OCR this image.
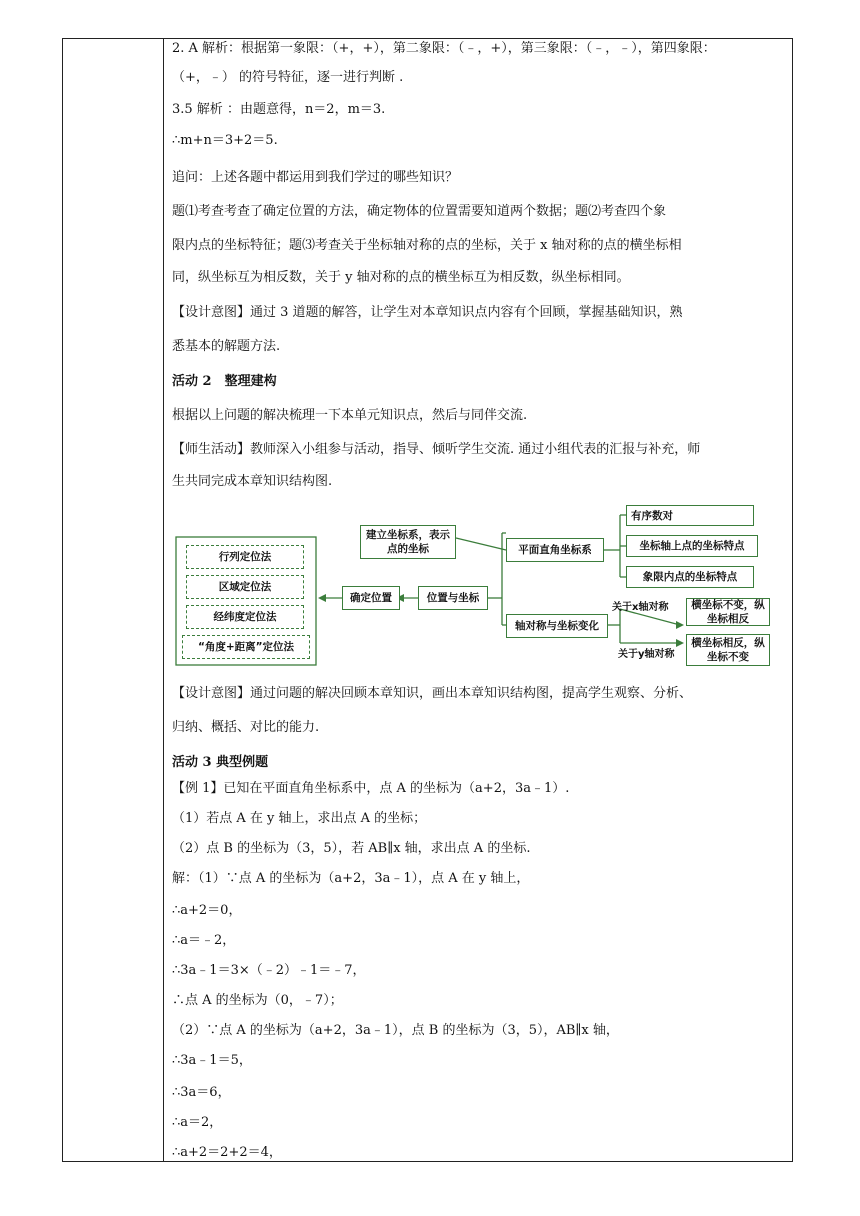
2. A 解析：根据第一象限：（+，+），第二象限：（﹣，+），第三象限：（﹣，﹣），第四象限：
（+，﹣） 的符号特征，逐一进行判断 .
3.5 解析 ：由题意得，n＝2，m＝3.
∴m+n＝3+2＝5.
追问：上述各题中都运用到我们学过的哪些知识？
题⑴考查考查了确定位置的方法，确定物体的位置需要知道两个数据；题⑵考查四个象
限内点的坐标特征；题⑶考查关于坐标轴对称的点的坐标，关于 x 轴对称的点的横坐标相
同，纵坐标互为相反数，关于 y 轴对称的点的横坐标互为相反数，纵坐标相同。
【设计意图】通过 3 道题的解答，让学生对本章知识点内容有个回顾，掌握基础知识，熟
悉基本的解题方法.
活动 2　整理建构
根据以上问题的解决梳理一下本单元知识点，然后与同伴交流.
【师生活动】教师深入小组参与活动，指导、倾听学生交流. 通过小组代表的汇报与补充，师
生共同完成本章知识结构图.
行列定位法
区域定位法
经纬度定位法
“角度+距离”定位法
确定位置	位置与坐标
建立坐标系，表示点的坐标	平面直角坐标系
有序数对
坐标轴上点的坐标特点
象限内点的坐标特点
轴对称与坐标变化
关于x轴对称
关于y轴对称
横坐标不变，纵坐标相反
横坐标相反，纵坐标不变
【设计意图】通过问题的解决回顾本章知识，画出本章知识结构图，提高学生观察、分析、
归纳、概括、对比的能力.
活动 3 典型例题
【例 1】已知在平面直角坐标系中，点 A 的坐标为（a+2，3a﹣1）.
（1）若点 A 在 y 轴上，求出点 A 的坐标；
（2）点 B 的坐标为（3，5），若 AB∥x 轴，求出点 A 的坐标.
解：（1）∵点 A 的坐标为（a+2，3a﹣1），点 A 在 y 轴上，
∴a+2＝0，
∴a＝﹣2，
∴3a﹣1＝3×（﹣2）﹣1＝﹣7，
∴点 A 的坐标为（0，﹣7）；
（2）∵点 A 的坐标为（a+2，3a﹣1），点 B 的坐标为（3，5），AB∥x 轴，
∴3a﹣1＝5，
∴3a＝6，
∴a＝2，
∴a+2＝2+2＝4，
